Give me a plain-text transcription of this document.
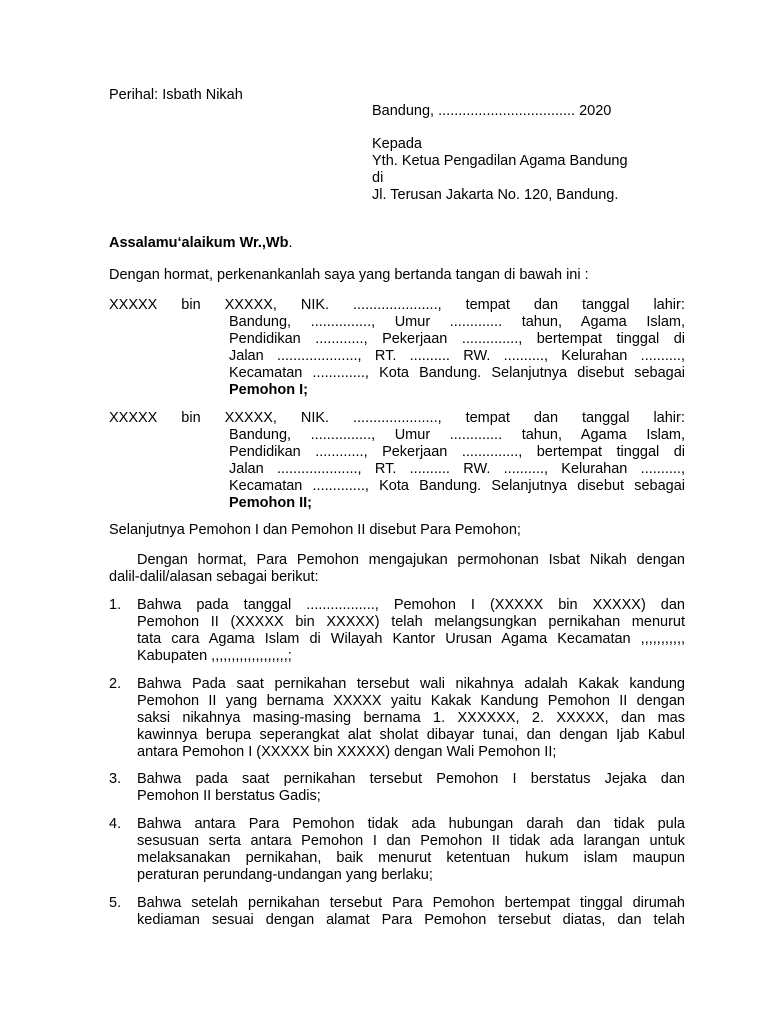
Perihal: Isbath Nikah
Bandung, .................................. 2020
Kepada
Yth. Ketua Pengadilan Agama Bandung
di
Jl. Terusan Jakarta No. 120, Bandung.
Assalamu‘alaikum Wr.,Wb.
Dengan hormat, perkenankanlah saya yang bertanda tangan di bawah ini :
XXXXX bin XXXXX, NIK. ....................., tempat dan tanggal lahir:
Bandung, ..............., Umur ............. tahun, Agama Islam,
Pendidikan ............, Pekerjaan .............., bertempat tinggal di
Jalan ...................., RT. .......... RW. .........., Kelurahan ..........,
Kecamatan ............., Kota Bandung. Selanjutnya disebut sebagai
Pemohon I;
XXXXX bin XXXXX, NIK. ....................., tempat dan tanggal lahir:
Bandung, ..............., Umur ............. tahun, Agama Islam,
Pendidikan ............, Pekerjaan .............., bertempat tinggal di
Jalan ...................., RT. .......... RW. .........., Kelurahan ..........,
Kecamatan ............., Kota Bandung. Selanjutnya disebut sebagai
Pemohon II;
Selanjutnya Pemohon I dan Pemohon II disebut Para Pemohon;
Dengan hormat, Para Pemohon mengajukan permohonan Isbat Nikah dengan
dalil-dalil/alasan sebagai berikut:
1. Bahwa pada tanggal ................., Pemohon I (XXXXX bin XXXXX) dan
Pemohon II (XXXXX bin XXXXX) telah melangsungkan pernikahan menurut
tata cara Agama Islam di Wilayah Kantor Urusan Agama Kecamatan ,,,,,,,,,,,
Kabupaten ,,,,,,,,,,,,,,,,,,,;
2. Bahwa Pada saat pernikahan tersebut wali nikahnya adalah Kakak kandung
Pemohon II yang bernama XXXXX yaitu Kakak Kandung Pemohon II dengan
saksi nikahnya masing-masing bernama 1. XXXXXX, 2. XXXXX, dan mas
kawinnya berupa seperangkat alat sholat dibayar tunai, dan dengan Ijab Kabul
antara Pemohon I (XXXXX bin XXXXX) dengan Wali Pemohon II;
3. Bahwa pada saat pernikahan tersebut Pemohon I berstatus Jejaka dan
Pemohon II berstatus Gadis;
4. Bahwa antara Para Pemohon tidak ada hubungan darah dan tidak pula
sesusuan serta antara Pemohon I dan Pemohon II tidak ada larangan untuk
melaksanakan pernikahan, baik menurut ketentuan hukum islam maupun
peraturan perundang-undangan yang berlaku;
5. Bahwa setelah pernikahan tersebut Para Pemohon bertempat tinggal dirumah
kediaman sesuai dengan alamat Para Pemohon tersebut diatas, dan telah
